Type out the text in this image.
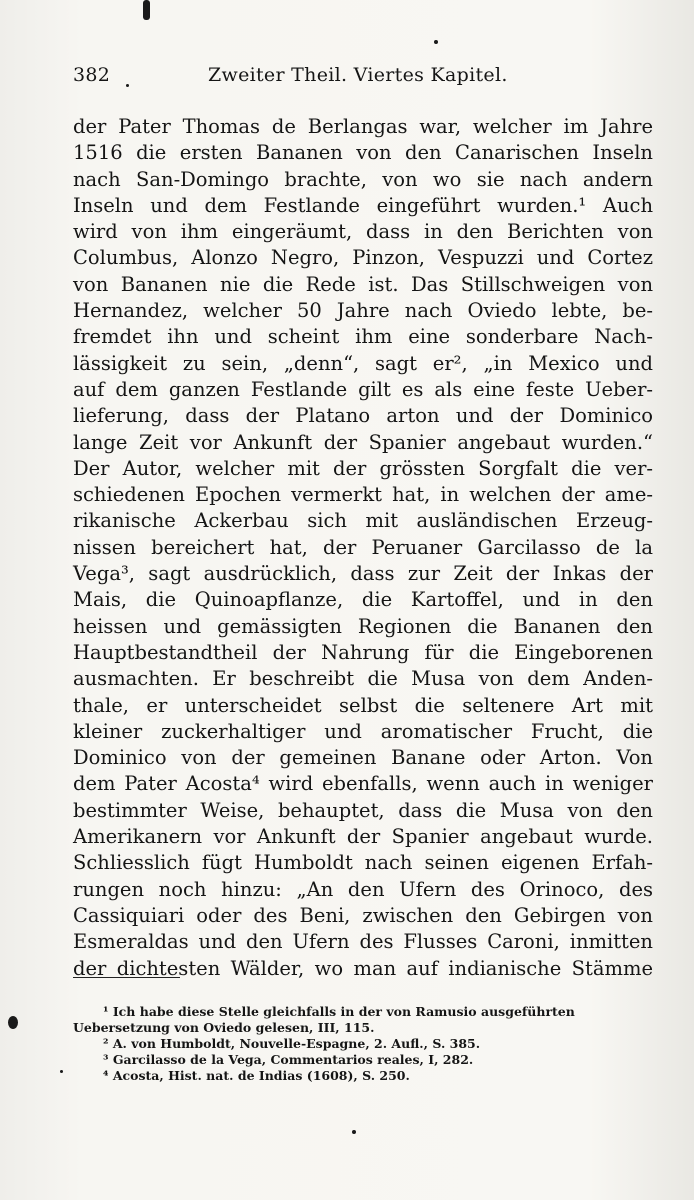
382	Zweiter Theil. Viertes Kapitel.
der Pater Thomas de Berlangas war, welcher im Jahre
1516 die ersten Bananen von den Canarischen Inseln
nach San-Domingo brachte, von wo sie nach andern
Inseln und dem Festlande eingeführt wurden.¹ Auch
wird von ihm eingeräumt, dass in den Berichten von
Columbus, Alonzo Negro, Pinzon, Vespuzzi und Cortez
von Bananen nie die Rede ist. Das Stillschweigen von
Hernandez, welcher 50 Jahre nach Oviedo lebte, be-
fremdet ihn und scheint ihm eine sonderbare Nach-
lässigkeit zu sein, „denn“, sagt er², „in Mexico und
auf dem ganzen Festlande gilt es als eine feste Ueber-
lieferung, dass der Platano arton und der Dominico
lange Zeit vor Ankunft der Spanier angebaut wurden.“
Der Autor, welcher mit der grössten Sorgfalt die ver-
schiedenen Epochen vermerkt hat, in welchen der ame-
rikanische Ackerbau sich mit ausländischen Erzeug-
nissen bereichert hat, der Peruaner Garcilasso de la
Vega³, sagt ausdrücklich, dass zur Zeit der Inkas der
Mais, die Quinoapflanze, die Kartoffel, und in den
heissen und gemässigten Regionen die Bananen den
Hauptbestandtheil der Nahrung für die Eingeborenen
ausmachten. Er beschreibt die Musa von dem Anden-
thale, er unterscheidet selbst die seltenere Art mit
kleiner zuckerhaltiger und aromatischer Frucht, die
Dominico von der gemeinen Banane oder Arton. Von
dem Pater Acosta⁴ wird ebenfalls, wenn auch in weniger
bestimmter Weise, behauptet, dass die Musa von den
Amerikanern vor Ankunft der Spanier angebaut wurde.
Schliesslich fügt Humboldt nach seinen eigenen Erfah-
rungen noch hinzu: „An den Ufern des Orinoco, des
Cassiquiari oder des Beni, zwischen den Gebirgen von
Esmeraldas und den Ufern des Flusses Caroni, inmitten
der dichtesten Wälder, wo man auf indianische Stämme
¹ Ich habe diese Stelle gleichfalls in der von Ramusio ausgeführten
Uebersetzung von Oviedo gelesen, III, 115.
² A. von Humboldt, Nouvelle-Espagne, 2. Aufl., S. 385.
³ Garcilasso de la Vega, Commentarios reales, I, 282.
⁴ Acosta, Hist. nat. de Indias (1608), S. 250.
